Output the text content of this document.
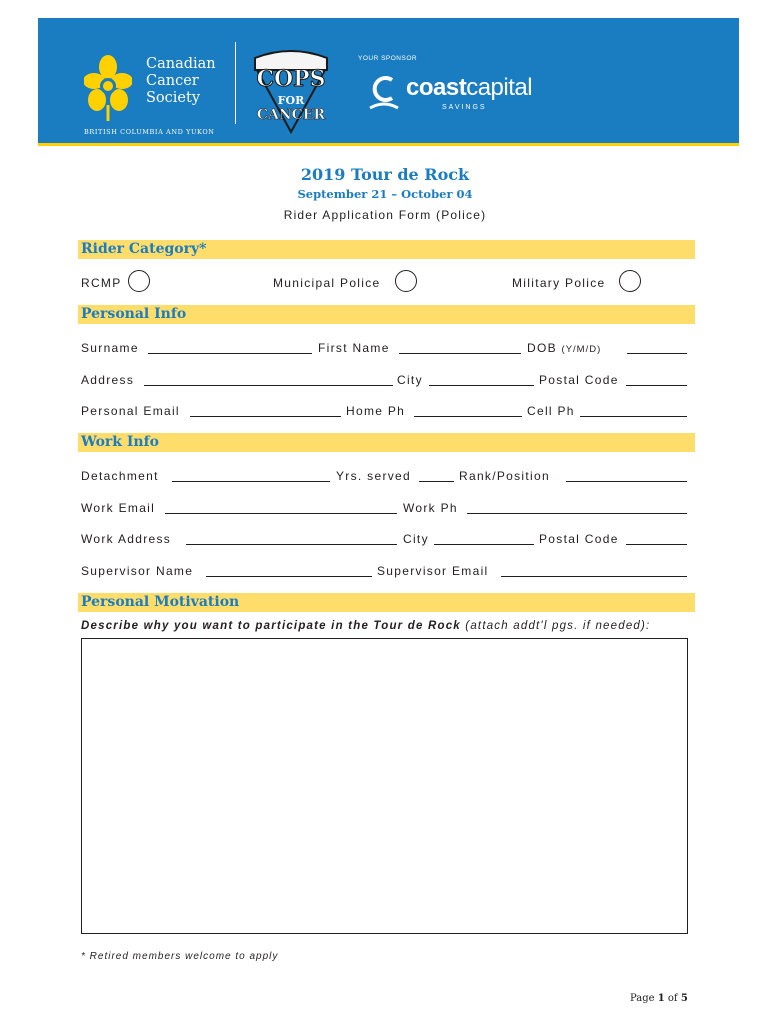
Canadian
Cancer
Society
BRITISH COLUMBIA AND YUKON
COPS
FOR
CANCER
YOUR SPONSOR
coastcapital
SAVINGS
2019 Tour de Rock
September 21 – October 04
Rider Application Form (Police)
Rider Category*
RCMP	Municipal Police	Military Police
Personal Info
Surname	First Name	DOB (Y/M/D)
Address	City	Postal Code
Personal Email	Home Ph	Cell Ph
Work Info
Detachment	Yrs. served	Rank/Position
Work Email	Work Ph
Work Address	City	Postal Code
Supervisor Name	Supervisor Email
Personal Motivation
Describe why you want to participate in the Tour de Rock (attach addt'l pgs. if needed):
* Retired members welcome to apply
Page 1 of 5
